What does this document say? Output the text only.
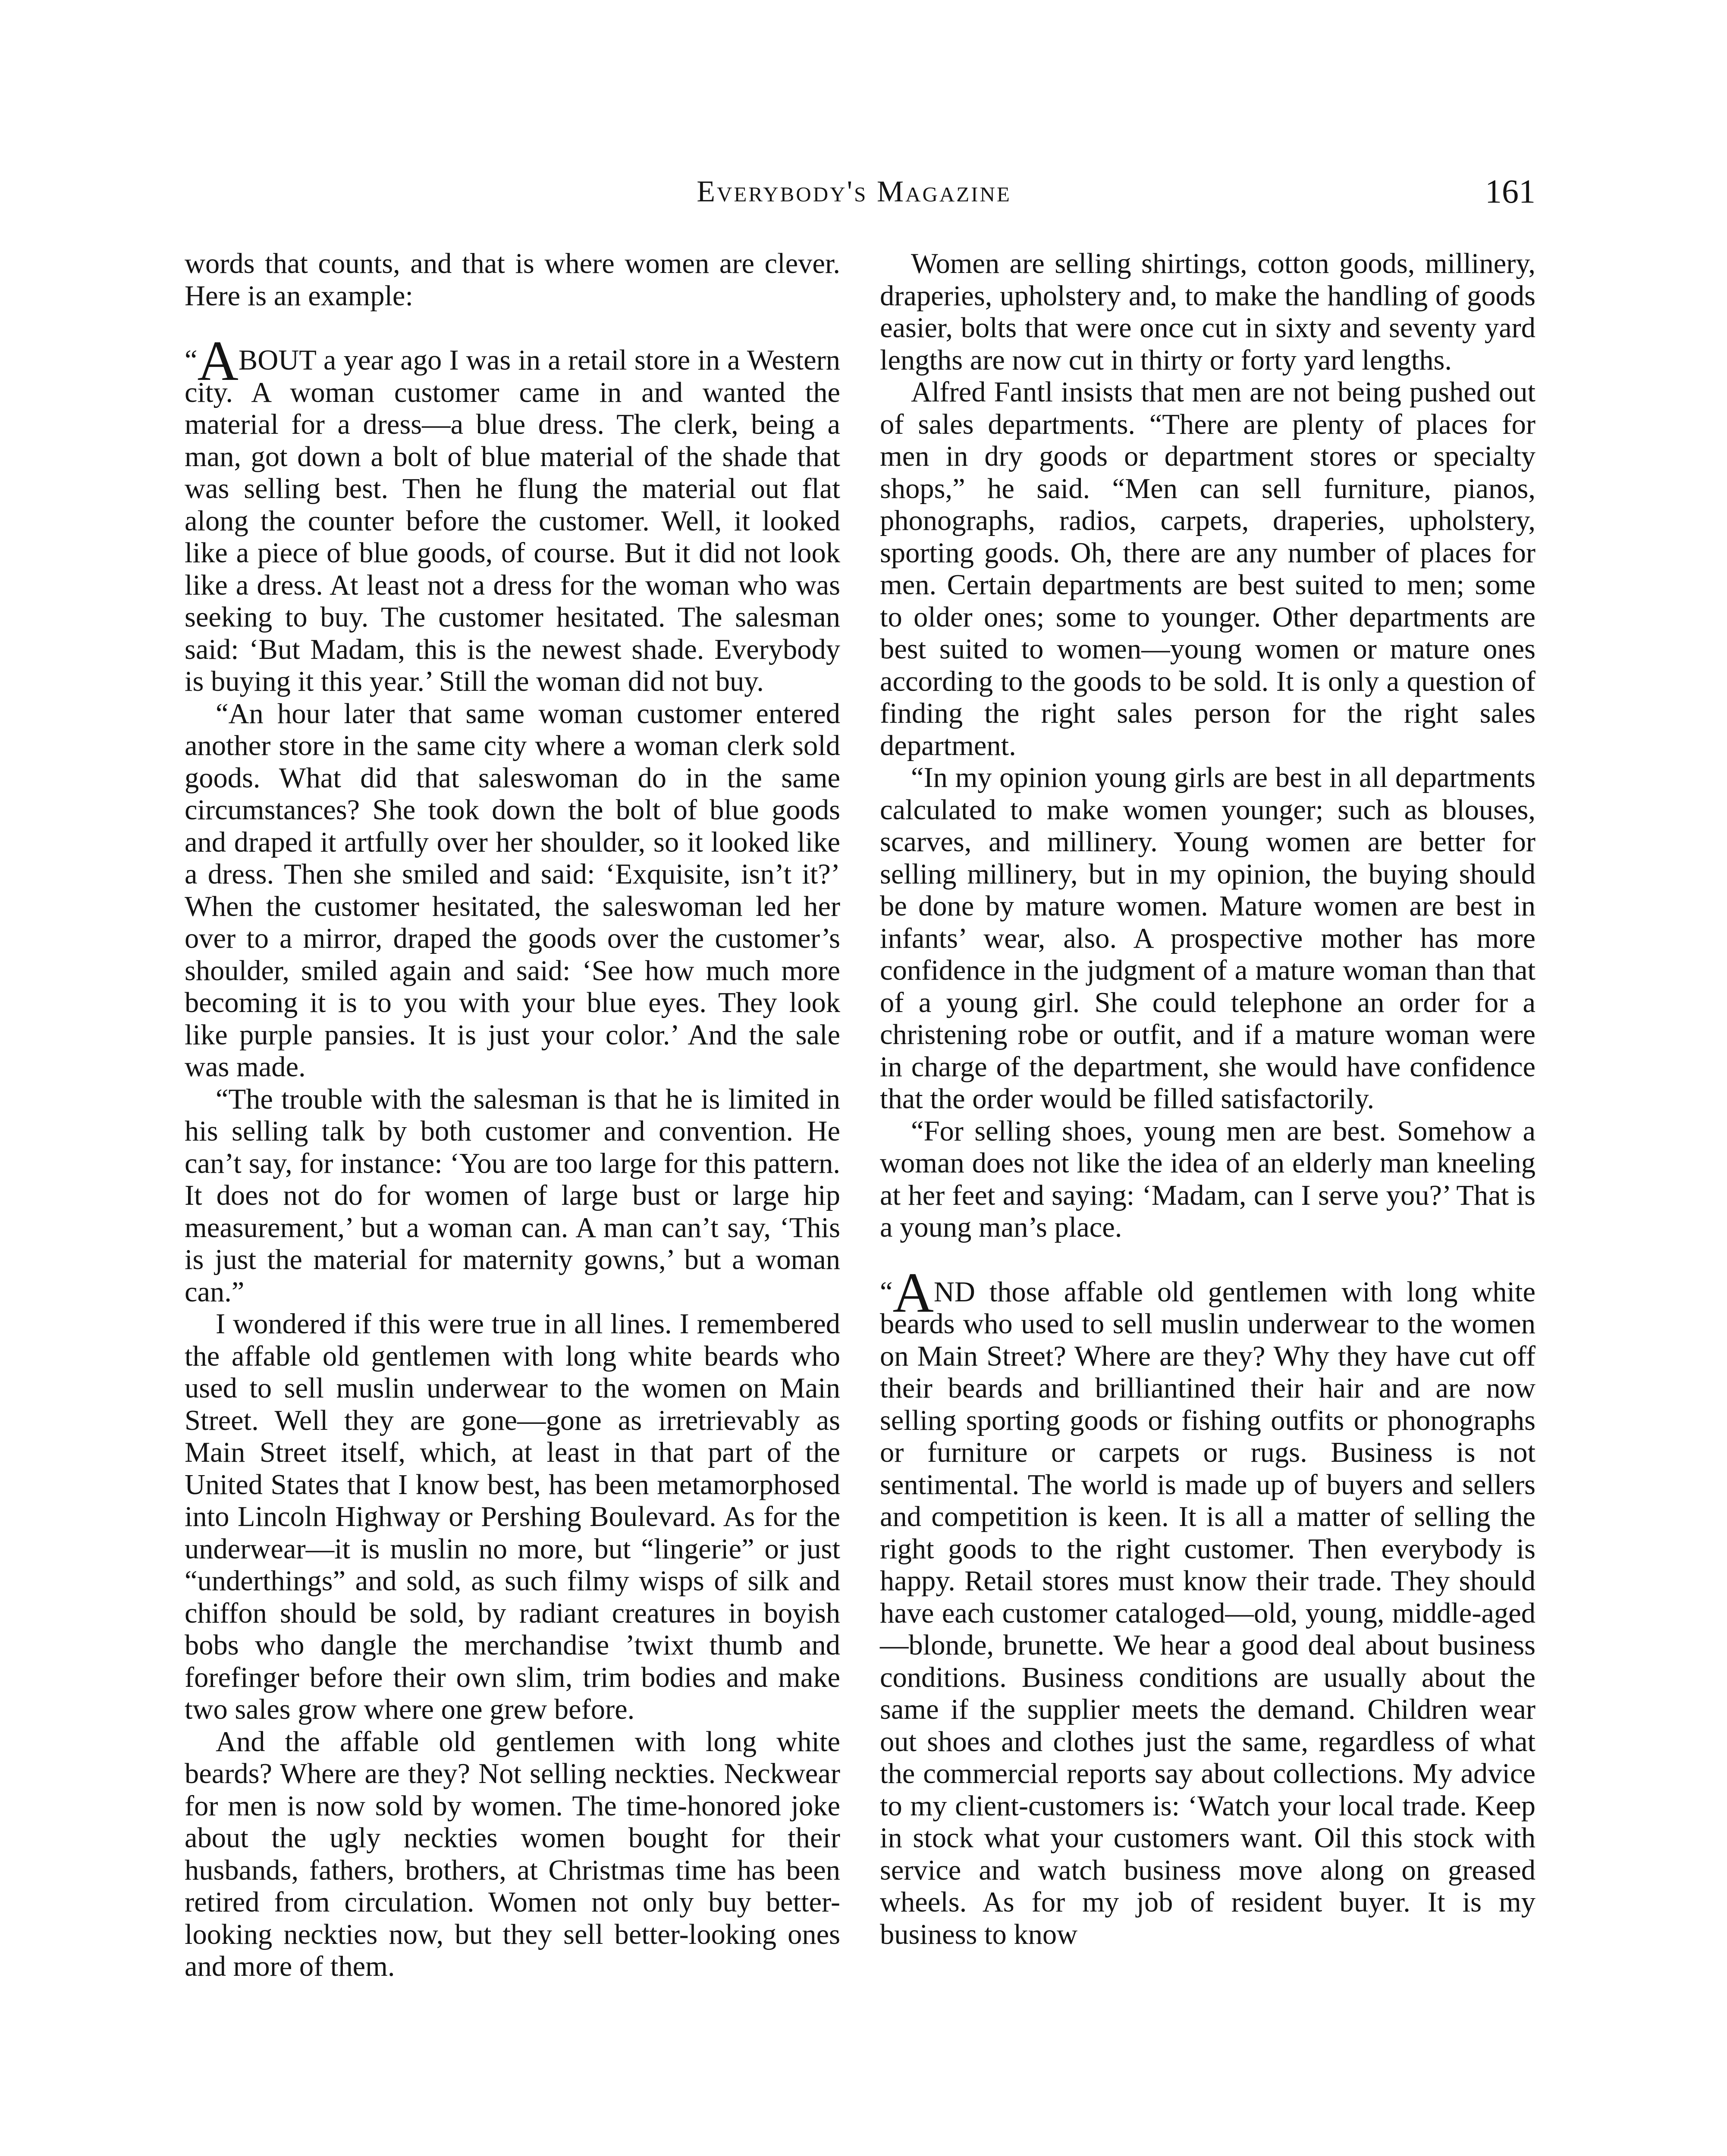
Everybody's Magazine	161

words that counts, and that is where women are clever. Here is an example:

“ABOUT a year ago I was in a retail store in a Western city. A woman customer came in and wanted the material for a dress—a blue dress. The clerk, being a man, got down a bolt of blue material of the shade that was selling best. Then he flung the material out flat along the counter before the customer. Well, it looked like a piece of blue goods, of course. But it did not look like a dress. At least not a dress for the woman who was seeking to buy. The customer hesitated. The salesman said: ‘But Madam, this is the newest shade. Everybody is buying it this year.’ Still the woman did not buy.

“An hour later that same woman customer entered another store in the same city where a woman clerk sold goods. What did that saleswoman do in the same circumstances? She took down the bolt of blue goods and draped it artfully over her shoulder, so it looked like a dress. Then she smiled and said: ‘Exquisite, isn’t it?’ When the customer hesitated, the saleswoman led her over to a mirror, draped the goods over the customer’s shoulder, smiled again and said: ‘See how much more becoming it is to you with your blue eyes. They look like purple pansies. It is just your color.’ And the sale was made.

“The trouble with the salesman is that he is limited in his selling talk by both customer and convention. He can’t say, for instance: ‘You are too large for this pattern. It does not do for women of large bust or large hip measurement,’ but a woman can. A man can’t say, ‘This is just the material for maternity gowns,’ but a woman can.”

I wondered if this were true in all lines. I remembered the affable old gentlemen with long white beards who used to sell muslin underwear to the women on Main Street. Well they are gone—gone as irretrievably as Main Street itself, which, at least in that part of the United States that I know best, has been metamorphosed into Lincoln Highway or Pershing Boulevard. As for the underwear—it is muslin no more, but “lingerie” or just “underthings” and sold, as such filmy wisps of silk and chiffon should be sold, by radiant creatures in boyish bobs who dangle the merchandise ’twixt thumb and forefinger before their own slim, trim bodies and make two sales grow where one grew before.

And the affable old gentlemen with long white beards? Where are they? Not selling neckties. Neckwear for men is now sold by women. The time-honored joke about the ugly neckties women bought for their husbands, fathers, brothers, at Christmas time has been retired from circulation. Women not only buy better-looking neckties now, but they sell better-looking ones and more of them.

Women are selling shirtings, cotton goods, millinery, draperies, upholstery and, to make the handling of goods easier, bolts that were once cut in sixty and seventy yard lengths are now cut in thirty or forty yard lengths.

Alfred Fantl insists that men are not being pushed out of sales departments. “There are plenty of places for men in dry goods or department stores or specialty shops,” he said. “Men can sell furniture, pianos, phonographs, radios, carpets, draperies, upholstery, sporting goods. Oh, there are any number of places for men. Certain departments are best suited to men; some to older ones; some to younger. Other departments are best suited to women—young women or mature ones according to the goods to be sold. It is only a question of finding the right sales person for the right sales department.

“In my opinion young girls are best in all departments calculated to make women younger; such as blouses, scarves, and millinery. Young women are better for selling millinery, but in my opinion, the buying should be done by mature women. Mature women are best in infants’ wear, also. A prospective mother has more confidence in the judgment of a mature woman than that of a young girl. She could telephone an order for a christening robe or outfit, and if a mature woman were in charge of the department, she would have confidence that the order would be filled satisfactorily.

“For selling shoes, young men are best. Somehow a woman does not like the idea of an elderly man kneeling at her feet and saying: ‘Madam, can I serve you?’ That is a young man’s place.

“AND those affable old gentlemen with long white beards who used to sell muslin underwear to the women on Main Street? Where are they? Why they have cut off their beards and brilliantined their hair and are now selling sporting goods or fishing outfits or phonographs or furniture or carpets or rugs. Business is not sentimental. The world is made up of buyers and sellers and competition is keen. It is all a matter of selling the right goods to the right customer. Then everybody is happy. Retail stores must know their trade. They should have each customer cataloged—old, young, middle-aged—blonde, brunette. We hear a good deal about business conditions. Business conditions are usually about the same if the supplier meets the demand. Children wear out shoes and clothes just the same, regardless of what the commercial reports say about collections. My advice to my client-customers is: ‘Watch your local trade. Keep in stock what your customers want. Oil this stock with service and watch business move along on greased wheels. As for my job of resident buyer. It is my business to know
